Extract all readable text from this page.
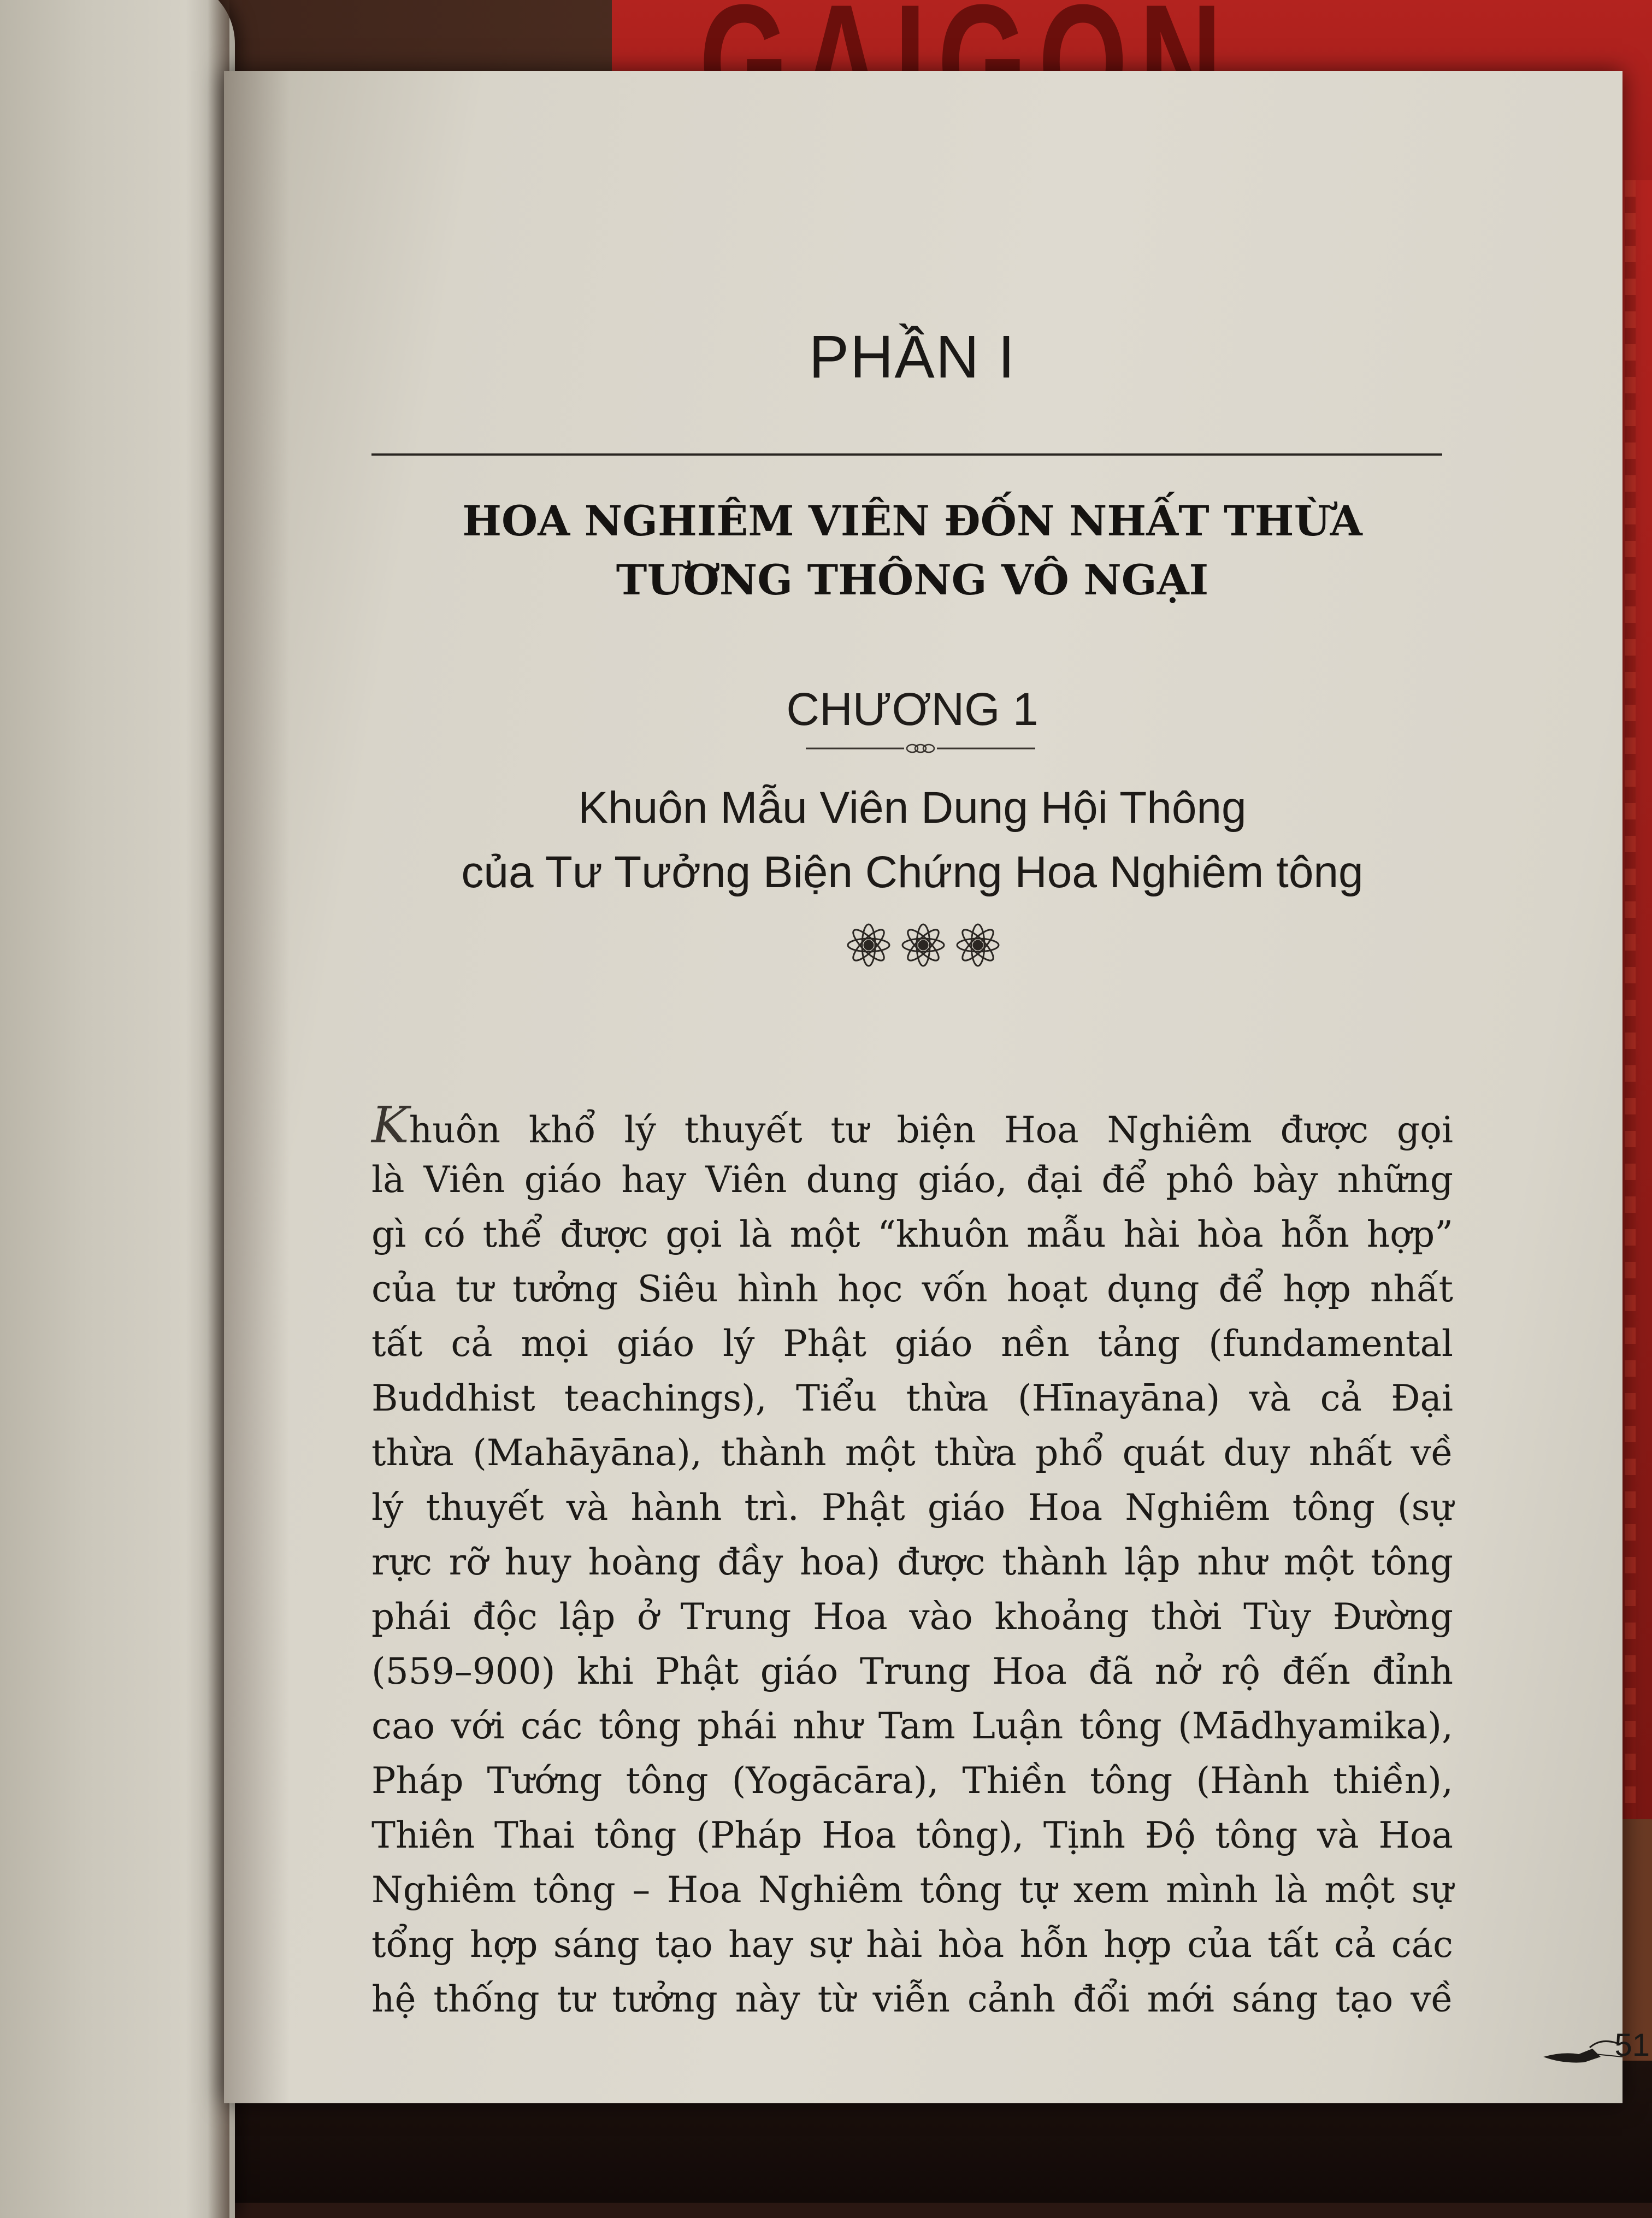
PHẦN I
HOA NGHIÊM VIÊN ĐỐN NHẤT THỪA
TƯƠNG THÔNG VÔ NGẠI
CHƯƠNG 1
Khuôn Mẫu Viên Dung Hội Thông
của Tư Tưởng Biện Chứng Hoa Nghiêm tông
Khuôn khổ lý thuyết tư biện Hoa Nghiêm được gọi
là Viên giáo hay Viên dung giáo, đại để phô bày những
gì có thể được gọi là một “khuôn mẫu hài hòa hỗn hợp”
của tư tưởng Siêu hình học vốn hoạt dụng để hợp nhất
tất cả mọi giáo lý Phật giáo nền tảng (fundamental
Buddhist teachings), Tiểu thừa (Hīnayāna) và cả Đại
thừa (Mahāyāna), thành một thừa phổ quát duy nhất về
lý thuyết và hành trì. Phật giáo Hoa Nghiêm tông (sự
rực rỡ huy hoàng đầy hoa) được thành lập như một tông
phái độc lập ở Trung Hoa vào khoảng thời Tùy Đường
(559–900) khi Phật giáo Trung Hoa đã nở rộ đến đỉnh
cao với các tông phái như Tam Luận tông (Mādhyamika),
Pháp Tướng tông (Yogācāra), Thiền tông (Hành thiền),
Thiên Thai tông (Pháp Hoa tông), Tịnh Độ tông và Hoa
Nghiêm tông – Hoa Nghiêm tông tự xem mình là một sự
tổng hợp sáng tạo hay sự hài hòa hỗn hợp của tất cả các
hệ thống tư tưởng này từ viễn cảnh đổi mới sáng tạo về
51
